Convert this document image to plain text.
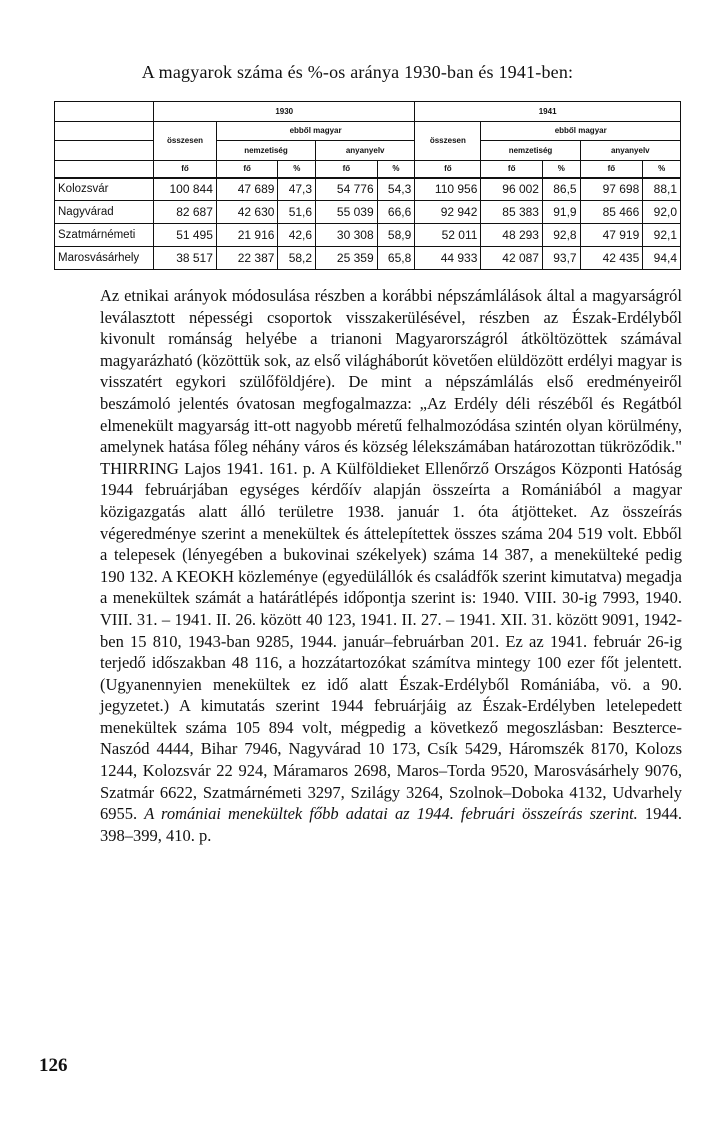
A magyarok száma és %-os aránya 1930-ban és 1941-ben:
	1930					1941				
	összesen	ebből magyar				összesen	ebből magyar			
		nemzetiség		anyanyelv			nemzetiség		anyanyelv	
	fő	fő	%	fő	%	fő	fő	%	fő	%
Kolozsvár	100 844	47 689	47,3	54 776	54,3	110 956	96 002	86,5	97 698	88,1
Nagyvárad	82 687	42 630	51,6	55 039	66,6	92 942	85 383	91,9	85 466	92,0
Szatmárnémeti	51 495	21 916	42,6	30 308	58,9	52 011	48 293	92,8	47 919	92,1
Marosvásárhely	38 517	22 387	58,2	25 359	65,8	44 933	42 087	93,7	42 435	94,4

Az etnikai arányok módosulása részben a korábbi népszámlálások által a magyarságról leválasztott népességi csoportok visszakerülésével, részben az Észak-Erdélyből kivonult románság helyébe a trianoni Magyarországról átköltözöttek számával magyarázható (közöttük sok, az első világháborút követően elüldözött erdélyi magyar is visszatért egykori szülőföldjére). De mint a népszámlálás első eredményeiről beszámoló jelentés óvatosan megfogalmazza: „Az Erdély déli részéből és Regátból elmenekült magyarság itt-ott nagyobb méretű felhalmozódása szintén olyan körülmény, amelynek hatása főleg néhány város és község lélekszámában határozottan tükröződik." THIRRING Lajos 1941. 161. p. A Külföldieket Ellenőrző Országos Központi Hatóság 1944 februárjában egységes kérdőív alapján összeírta a Romániából a magyar közigazgatás alatt álló területre 1938. január 1. óta átjötteket. Az összeírás végeredménye szerint a menekültek és áttelepítettek összes száma 204 519 volt. Ebből a telepesek (lényegében a bukovinai székelyek) száma 14 387, a menekülteké pedig 190 132. A KEOKH közleménye (egyedülállók és családfők szerint kimutatva) megadja a menekültek számát a határátlépés időpontja szerint is: 1940. VIII. 30-ig 7993, 1940. VIII. 31. – 1941. II. 26. között 40 123, 1941. II. 27. – 1941. XII. 31. között 9091, 1942-ben 15 810, 1943-ban 9285, 1944. január–februárban 201. Ez az 1941. február 26-ig terjedő időszakban 48 116, a hozzátartozókat számítva mintegy 100 ezer főt jelentett. (Ugyanennyien menekültek ez idő alatt Észak-Erdélyből Romániába, vö. a 90. jegyzetet.) A kimutatás szerint 1944 februárjáig az Észak-Erdélyben letelepedett menekültek száma 105 894 volt, mégpedig a következő megoszlásban: Beszterce-Naszód 4444, Bihar 7946, Nagyvárad 10 173, Csík 5429, Háromszék 8170, Kolozs 1244, Kolozsvár 22 924, Máramaros 2698, Maros–Torda 9520, Marosvásárhely 9076, Szatmár 6622, Szatmárnémeti 3297, Szilágy 3264, Szolnok–Doboka 4132, Udvarhely 6955. A romániai menekültek főbb adatai az 1944. februári összeírás szerint. 1944. 398–399, 410. p.

126
